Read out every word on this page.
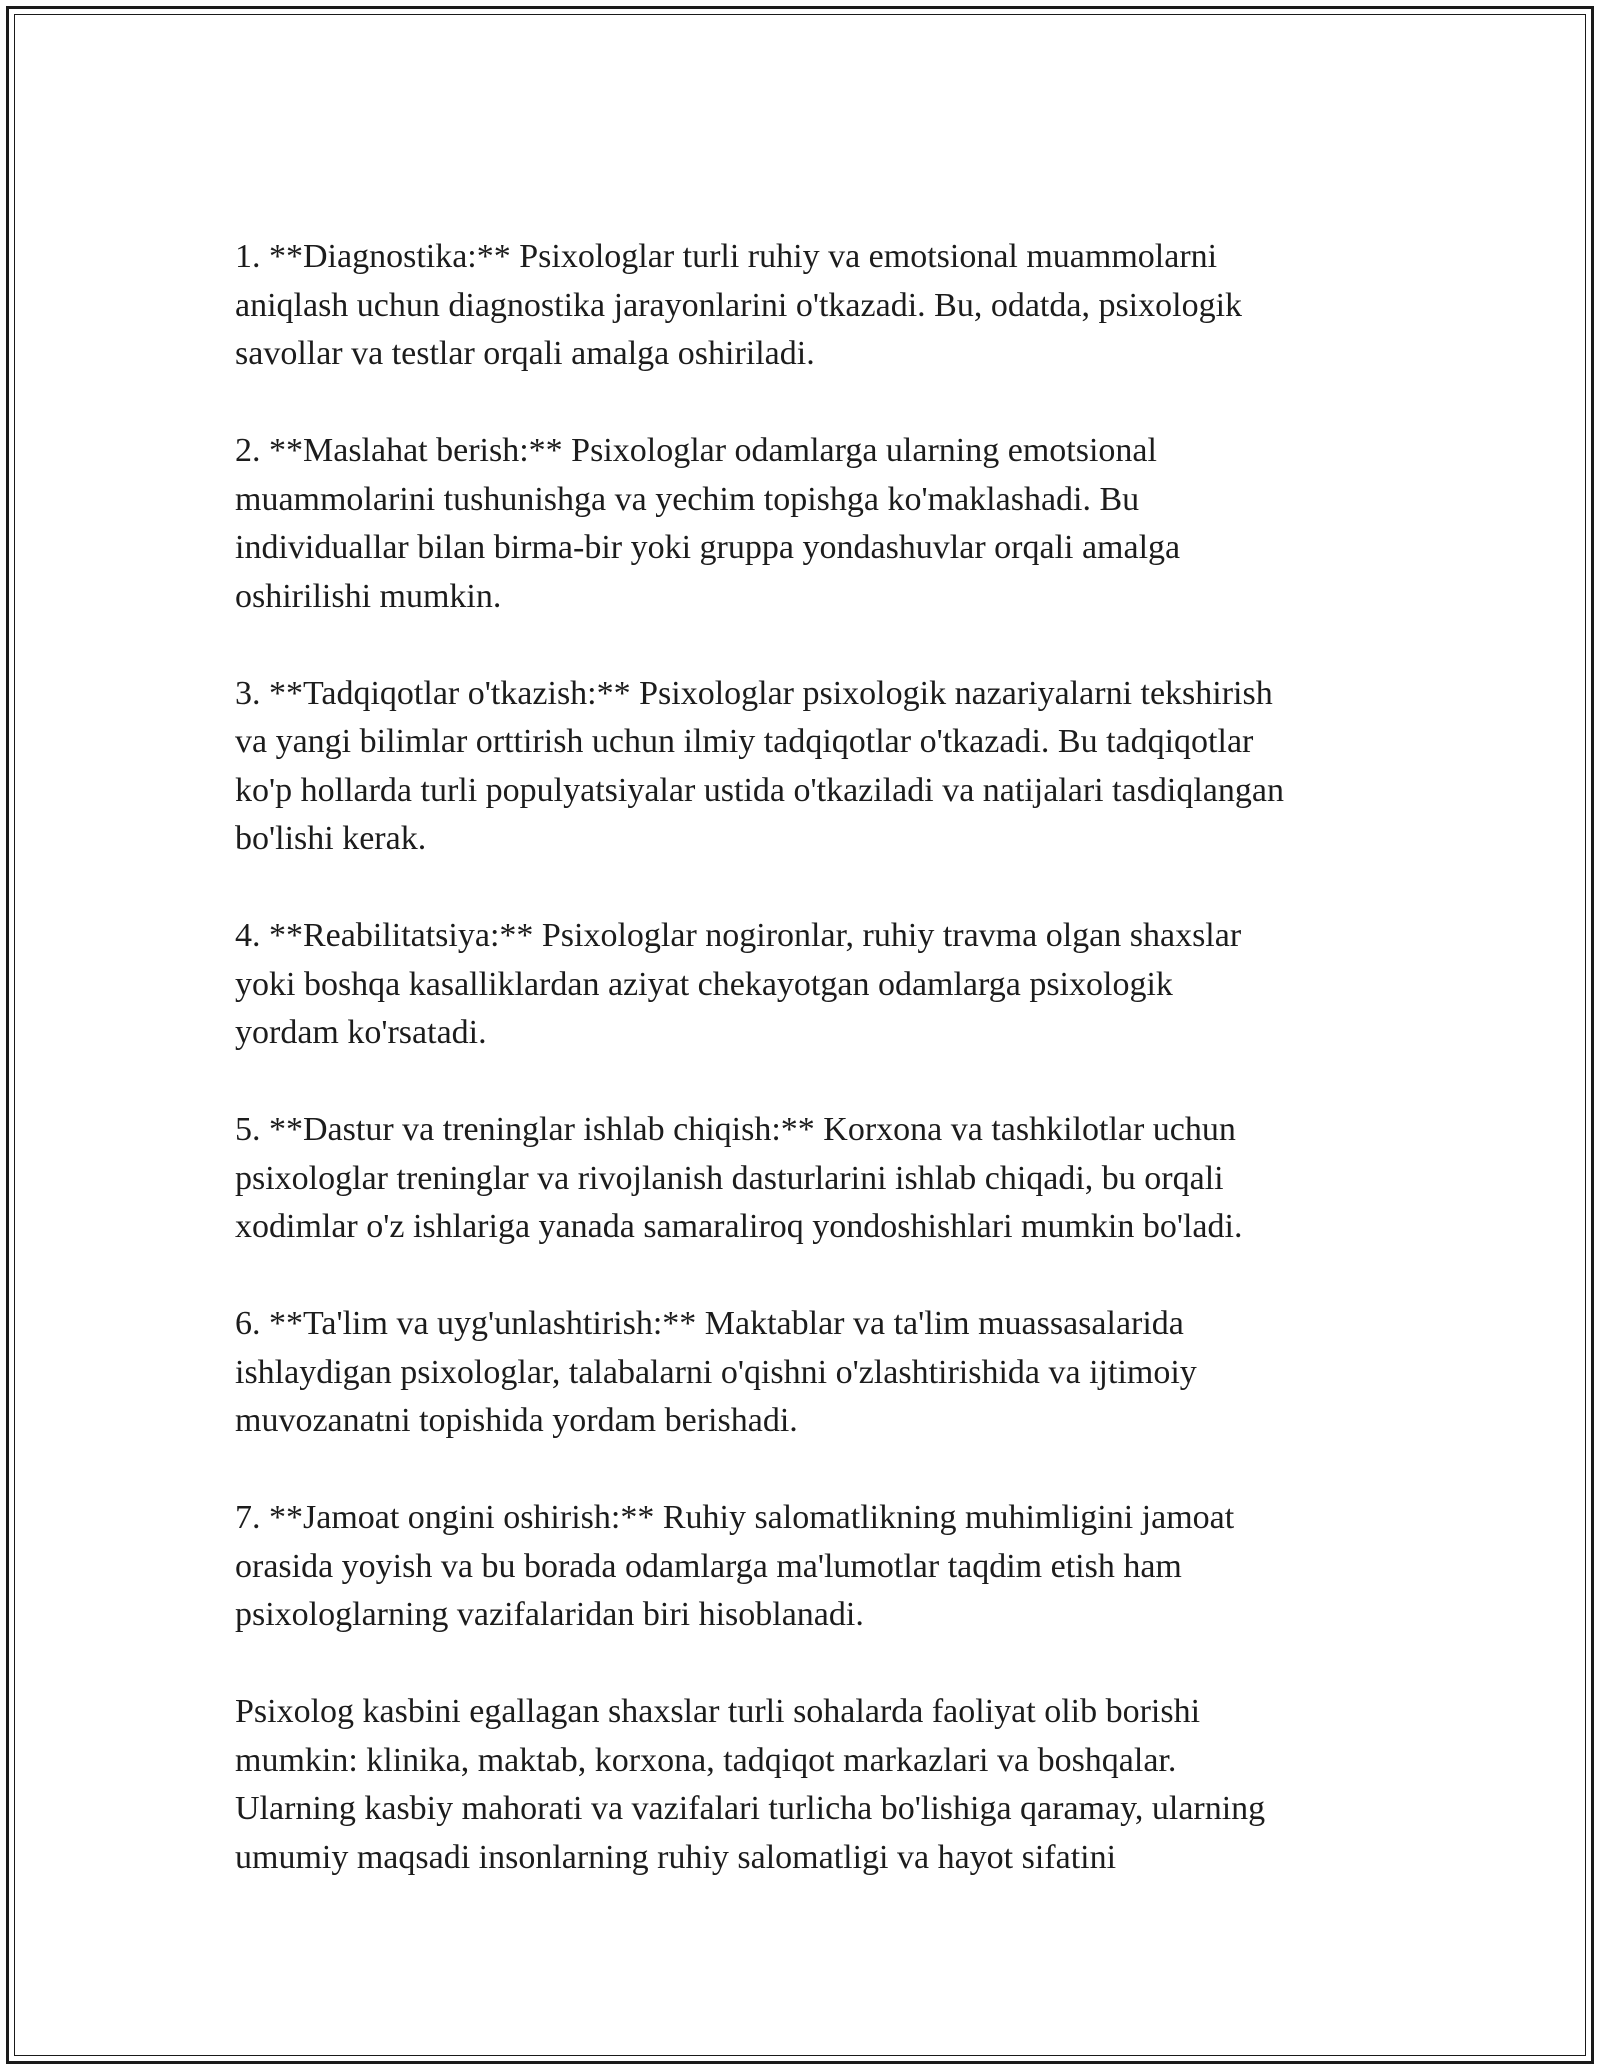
1. **Diagnostika:** Psixologlar turli ruhiy va emotsional muammolarni
aniqlash uchun diagnostika jarayonlarini o'tkazadi. Bu, odatda, psixologik
savollar va testlar orqali amalga oshiriladi.

2. **Maslahat berish:** Psixologlar odamlarga ularning emotsional
muammolarini tushunishga va yechim topishga ko'maklashadi. Bu
individuallar bilan birma-bir yoki gruppa yondashuvlar orqali amalga
oshirilishi mumkin.

3. **Tadqiqotlar o'tkazish:** Psixologlar psixologik nazariyalarni tekshirish
va yangi bilimlar orttirish uchun ilmiy tadqiqotlar o'tkazadi. Bu tadqiqotlar
ko'p hollarda turli populyatsiyalar ustida o'tkaziladi va natijalari tasdiqlangan
bo'lishi kerak.

4. **Reabilitatsiya:** Psixologlar nogironlar, ruhiy travma olgan shaxslar
yoki boshqa kasalliklardan aziyat chekayotgan odamlarga psixologik
yordam ko'rsatadi.

5. **Dastur va treninglar ishlab chiqish:** Korxona va tashkilotlar uchun
psixologlar treninglar va rivojlanish dasturlarini ishlab chiqadi, bu orqali
xodimlar o'z ishlariga yanada samaraliroq yondoshishlari mumkin bo'ladi.

6. **Ta'lim va uyg'unlashtirish:** Maktablar va ta'lim muassasalarida
ishlaydigan psixologlar, talabalarni o'qishni o'zlashtirishida va ijtimoiy
muvozanatni topishida yordam berishadi.

7. **Jamoat ongini oshirish:** Ruhiy salomatlikning muhimligini jamoat
orasida yoyish va bu borada odamlarga ma'lumotlar taqdim etish ham
psixologlarning vazifalaridan biri hisoblanadi.

Psixolog kasbini egallagan shaxslar turli sohalarda faoliyat olib borishi
mumkin: klinika, maktab, korxona, tadqiqot markazlari va boshqalar.
Ularning kasbiy mahorati va vazifalari turlicha bo'lishiga qaramay, ularning
umumiy maqsadi insonlarning ruhiy salomatligi va hayot sifatini
